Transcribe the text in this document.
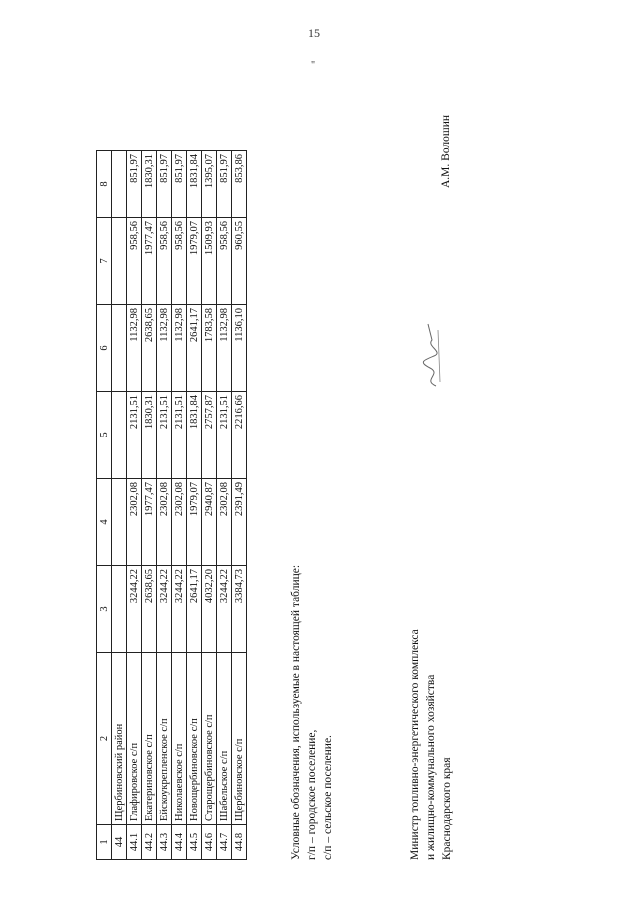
15
"
1	2	3	4	5	6	7	8
44	Щербиновский район						
44.1	Глафировское с/п	3244,22	2302,08	2131,51	1132,98	958,56	851,97
44.2	Екатериновское с/п	2638,65	1977,47	1830,31	2638,65	1977,47	1830,31
44.3	Ейскоукрепленское с/п	3244,22	2302,08	2131,51	1132,98	958,56	851,97
44.4	Николаевское с/п	3244,22	2302,08	2131,51	1132,98	958,56	851,97
44.5	Новощербиновское с/п	2641,17	1979,07	1831,84	2641,17	1979,07	1831,84
44.6	Старощербиновское с/п	4032,20	2940,87	2757,87	1783,58	1509,93	1395,07
44.7	Шабельское с/п	3244,22	2302,08	2131,51	1132,98	958,56	851,97
44.8	Щербиновское с/п	3384,73	2391,49	2216,66	1136,10	960,55	853,86
Условные обозначения, используемые в настоящей таблице: г/п – городское поселение, с/п – сельское поселение.	Министр топливно-энергетического комплекса и жилищно-коммунального хозяйства Краснодарского края
А.М. Волошин
